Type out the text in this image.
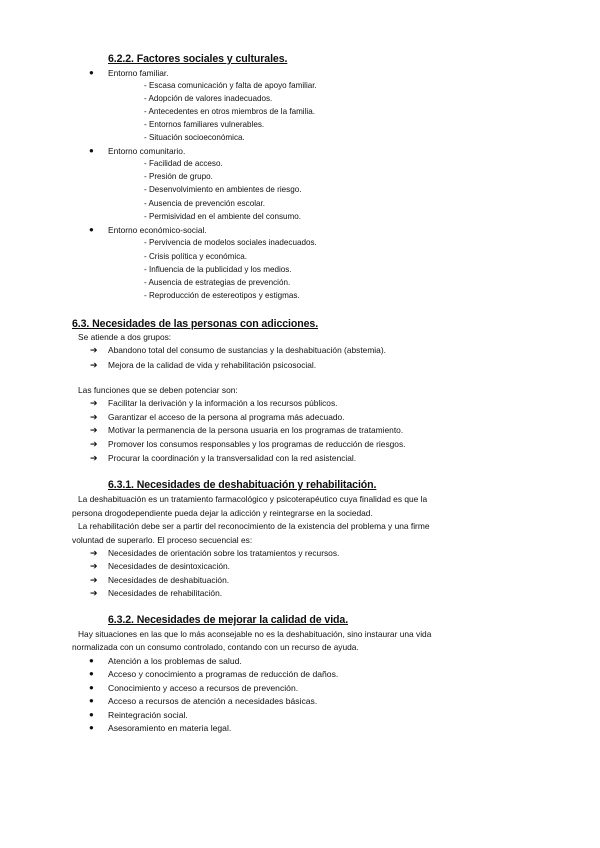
6.2.2. Factores sociales y culturales.
● Entorno familiar.
- Escasa comunicación y falta de apoyo familiar.
- Adopción de valores inadecuados.
- Antecedentes en otros miembros de la familia.
- Entornos familiares vulnerables.
- Situación socioeconómica.
● Entorno comunitario.
- Facilidad de acceso.
- Presión de grupo.
- Desenvolvimiento en ambientes de riesgo.
- Ausencia de prevención escolar.
- Permisividad en el ambiente del consumo.
● Entorno económico-social.
- Pervivencia de modelos sociales inadecuados.
- Crisis política y económica.
- Influencia de la publicidad y los medios.
- Ausencia de estrategias de prevención.
- Reproducción de estereotipos y estigmas.
6.3. Necesidades de las personas con adicciones.
Se atiende a dos grupos:
➔ Abandono total del consumo de sustancias y la deshabituación (abstemia).
➔ Mejora de la calidad de vida y rehabilitación psicosocial.
Las funciones que se deben potenciar son:
➔ Facilitar la derivación y la información a los recursos públicos.
➔ Garantizar el acceso de la persona al programa más adecuado.
➔ Motivar la permanencia de la persona usuaria en los programas de tratamiento.
➔ Promover los consumos responsables y los programas de reducción de riesgos.
➔ Procurar la coordinación y la transversalidad con la red asistencial.
6.3.1. Necesidades de deshabituación y rehabilitación.
La deshabituación es un tratamiento farmacológico y psicoterapéutico cuya finalidad es que la
persona drogodependiente pueda dejar la adicción y reintegrarse en la sociedad.
La rehabilitación debe ser a partir del reconocimiento de la existencia del problema y una firme
voluntad de superarlo. El proceso secuencial es:
➔ Necesidades de orientación sobre los tratamientos y recursos.
➔ Necesidades de desintoxicación.
➔ Necesidades de deshabituación.
➔ Necesidades de rehabilitación.
6.3.2. Necesidades de mejorar la calidad de vida.
Hay situaciones en las que lo más aconsejable no es la deshabituación, sino instaurar una vida
normalizada con un consumo controlado, contando con un recurso de ayuda.
● Atención a los problemas de salud.
● Acceso y conocimiento a programas de reducción de daños.
● Conocimiento y acceso a recursos de prevención.
● Acceso a recursos de atención a necesidades básicas.
● Reintegración social.
● Asesoramiento en materia legal.
